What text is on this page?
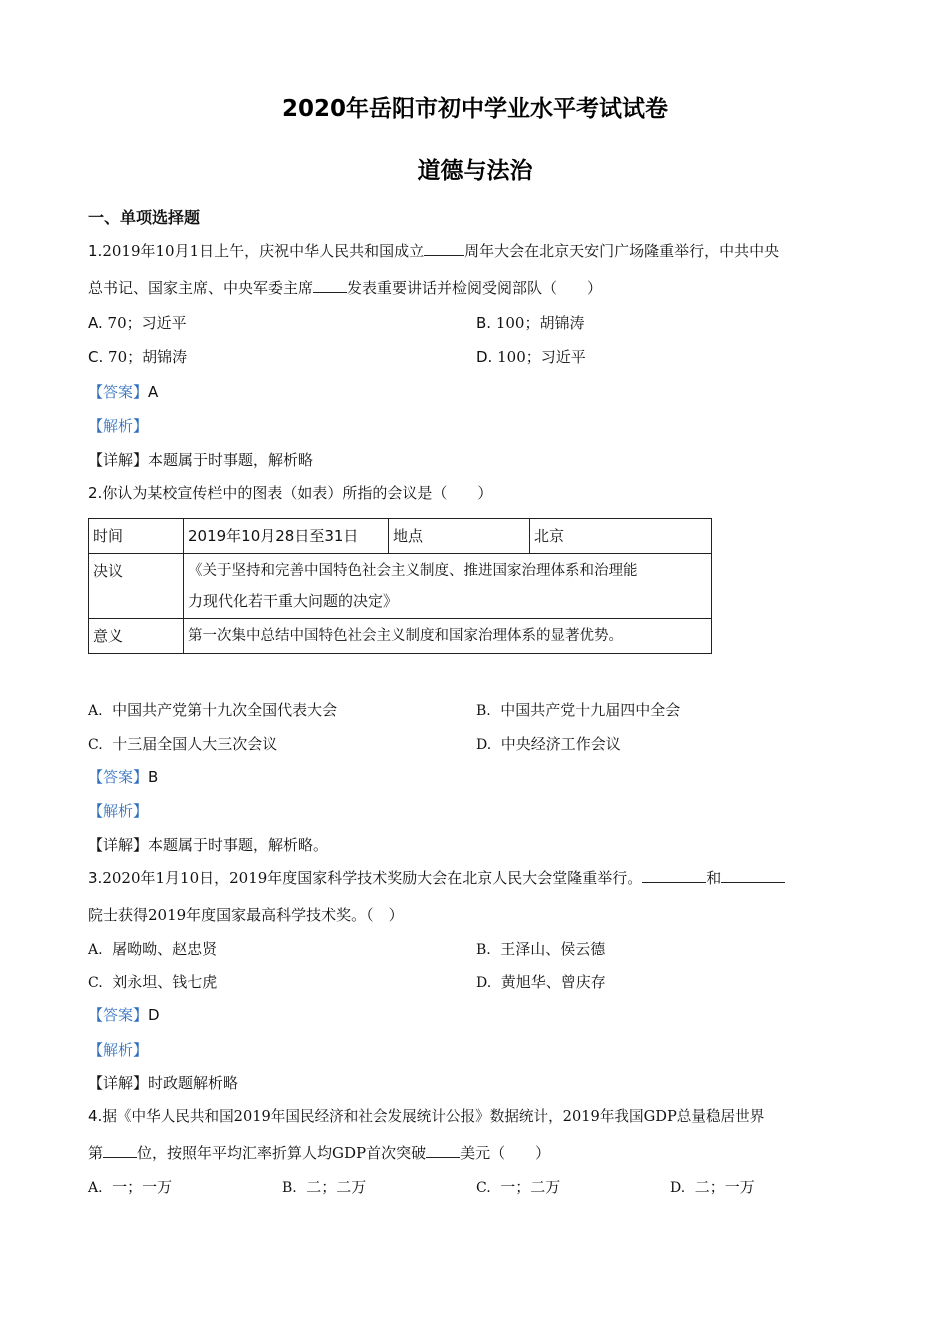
2020年岳阳市初中学业水平考试试卷
道德与法治
一、单项选择题
1.2019年10月1日上午，庆祝中华人民共和国成立	周年大会在北京天安门广场隆重举行，中共中央
总书记、国家主席、中央军委主席 发表重要讲话并检阅受阅部队（　　）
A. 70；习近平	B. 100；胡锦涛
C. 70；胡锦涛	D. 100；习近平
【答案】A
【解析】
【详解】本题属于时事题，解析略
2.你认为某校宣传栏中的图表（如表）所指的会议是（　　）
时间	2019年10月28日至31日	地点	北京
决议	《关于坚持和完善中国特色社会主义制度、推进国家治理体系和治理能
力现代化若干重大问题的决定》		

意义	第一次集中总结中国特色社会主义制度和国家治理体系的显著优势。		
A. 中国共产党第十九次全国代表大会	B. 中国共产党十九届四中全会
C. 十三届全国人大三次会议	D. 中央经济工作会议
【答案】B
【解析】
【详解】本题属于时事题，解析略。
3.2020年1月10日，2019年度国家科学技术奖励大会在北京人民大会堂隆重举行。	和
院士获得2019年度国家最高科学技术奖。（　）
A. 屠呦呦、赵忠贤	B. 王泽山、侯云德
C. 刘永坦、钱七虎	D. 黄旭华、曾庆存
【答案】D
【解析】
【详解】时政题解析略
4.据《中华人民共和国2019年国民经济和社会发展统计公报》数据统计，2019年我国GDP总量稳居世界
第 位，按照年平均汇率折算人均GDP首次突破 美元（　　）
A. 一；一万	B. 二；二万	C. 一；二万	D. 二；一万
